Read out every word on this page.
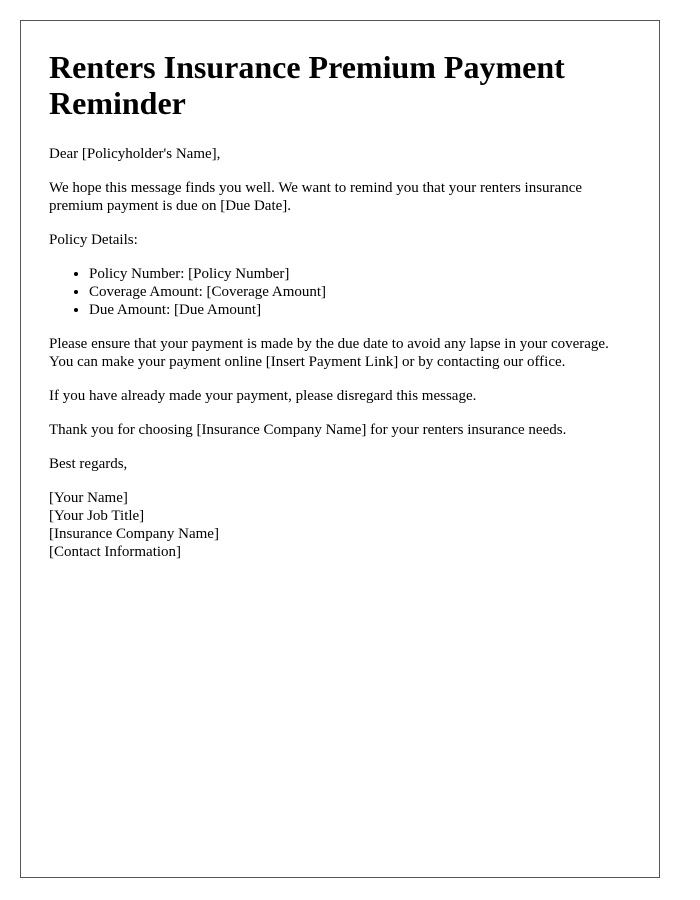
Renters Insurance Premium Payment Reminder

Dear [Policyholder's Name],

We hope this message finds you well. We want to remind you that your renters insurance premium payment is due on [Due Date].

Policy Details:

• Policy Number: [Policy Number]
• Coverage Amount: [Coverage Amount]
• Due Amount: [Due Amount]

Please ensure that your payment is made by the due date to avoid any lapse in your coverage. You can make your payment online [Insert Payment Link] or by contacting our office.

If you have already made your payment, please disregard this message.

Thank you for choosing [Insurance Company Name] for your renters insurance needs.

Best regards,

[Your Name]

[Your Job Title]

[Insurance Company Name]

[Contact Information]
